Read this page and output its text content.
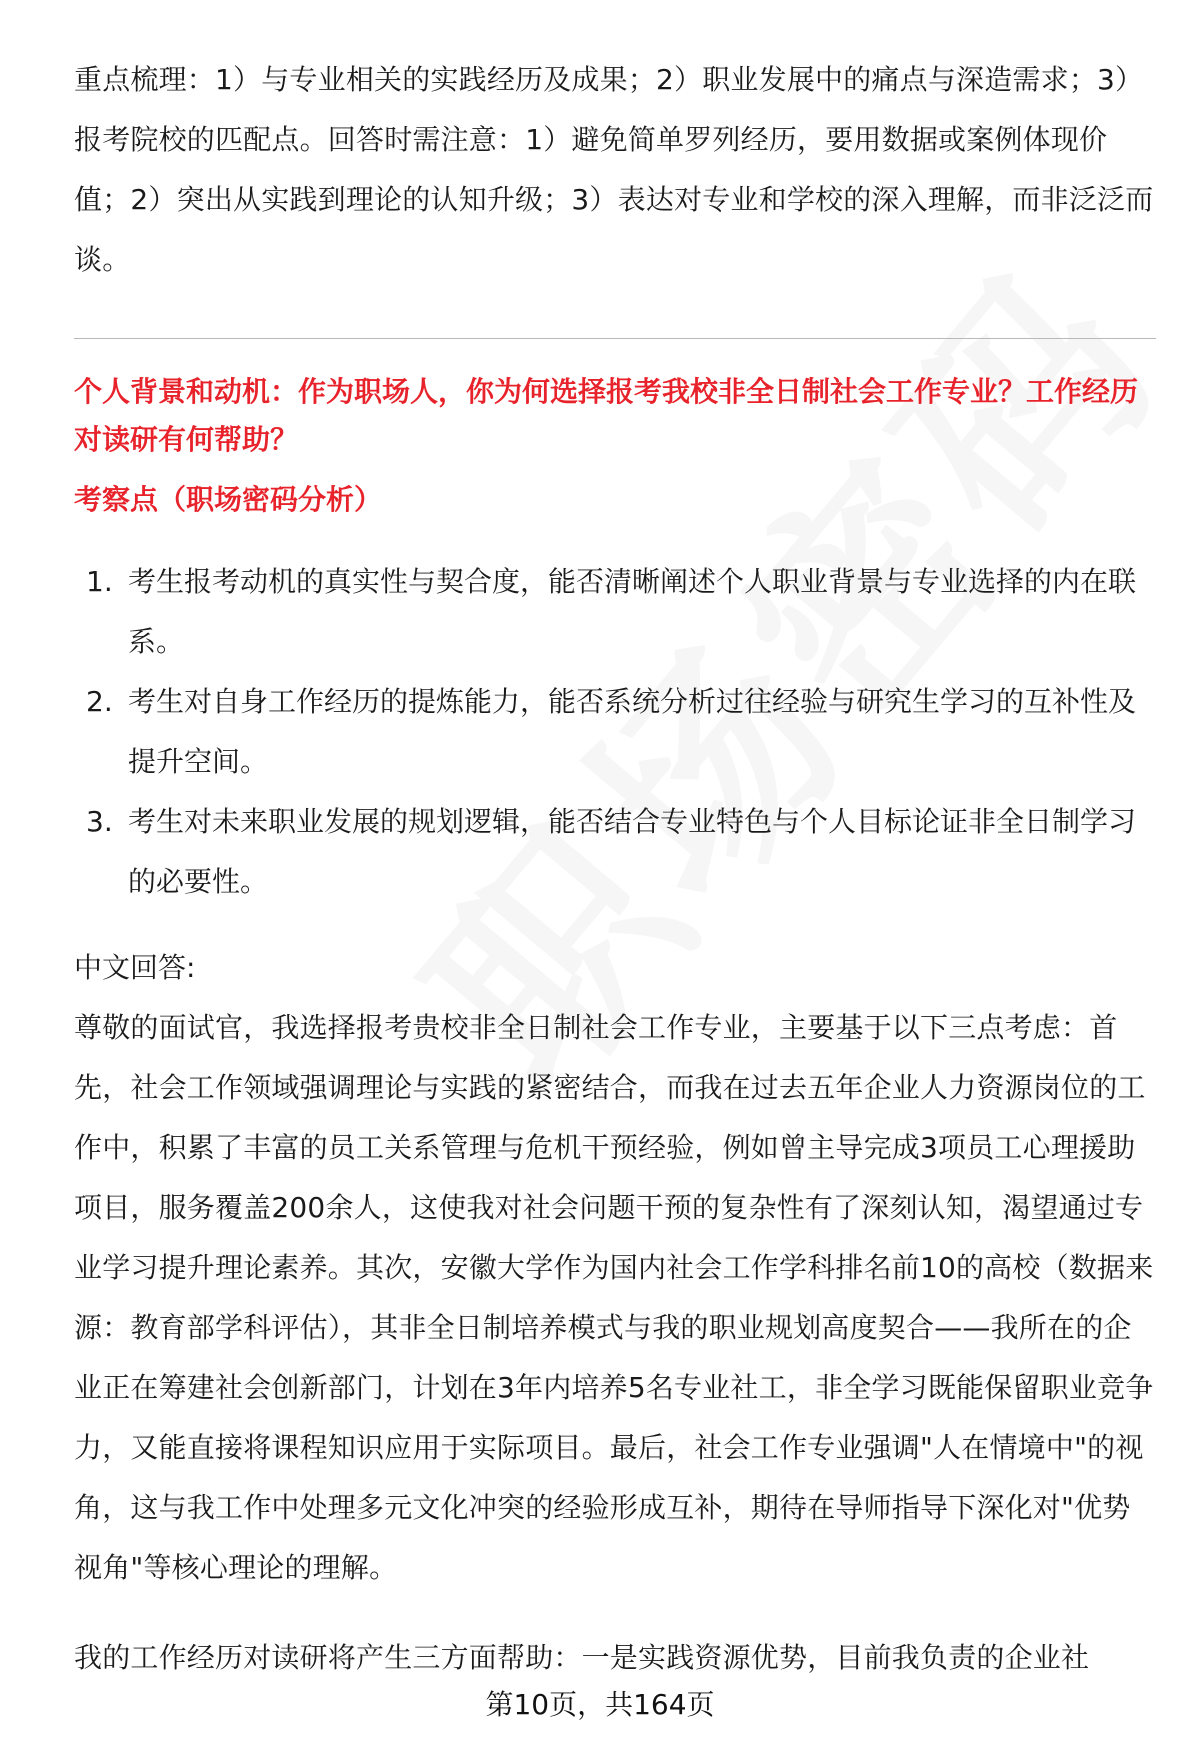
重点梳理：1）与专业相关的实践经历及成果；2）职业发展中的痛点与深造需求；3）报考院校的匹配点。回答时需注意：1）避免简单罗列经历，要用数据或案例体现价值；2）突出从实践到理论的认知升级；3）表达对专业和学校的深入理解，而非泛泛而谈。

个人背景和动机：作为职场人，你为何选择报考我校非全日制社会工作专业？工作经历对读研有何帮助？

考察点（职场密码分析）

1. 考生报考动机的真实性与契合度，能否清晰阐述个人职业背景与专业选择的内在联系。
2. 考生对自身工作经历的提炼能力，能否系统分析过往经验与研究生学习的互补性及提升空间。
3. 考生对未来职业发展的规划逻辑，能否结合专业特色与个人目标论证非全日制学习的必要性。

中文回答:

尊敬的面试官，我选择报考贵校非全日制社会工作专业，主要基于以下三点考虑：首先，社会工作领域强调理论与实践的紧密结合，而我在过去五年企业人力资源岗位的工作中，积累了丰富的员工关系管理与危机干预经验，例如曾主导完成3项员工心理援助项目，服务覆盖200余人，这使我对社会问题干预的复杂性有了深刻认知，渴望通过专业学习提升理论素养。其次，安徽大学作为国内社会工作学科排名前10的高校（数据来源：教育部学科评估），其非全日制培养模式与我的职业规划高度契合——我所在的企业正在筹建社会创新部门，计划在3年内培养5名专业社工，非全学习既能保留职业竞争力，又能直接将课程知识应用于实际项目。最后，社会工作专业强调"人在情境中"的视角，这与我工作中处理多元文化冲突的经验形成互补，期待在导师指导下深化对"优势视角"等核心理论的理解。

我的工作经历对读研将产生三方面帮助：一是实践资源优势，目前我负责的企业社

第10页，共164页
